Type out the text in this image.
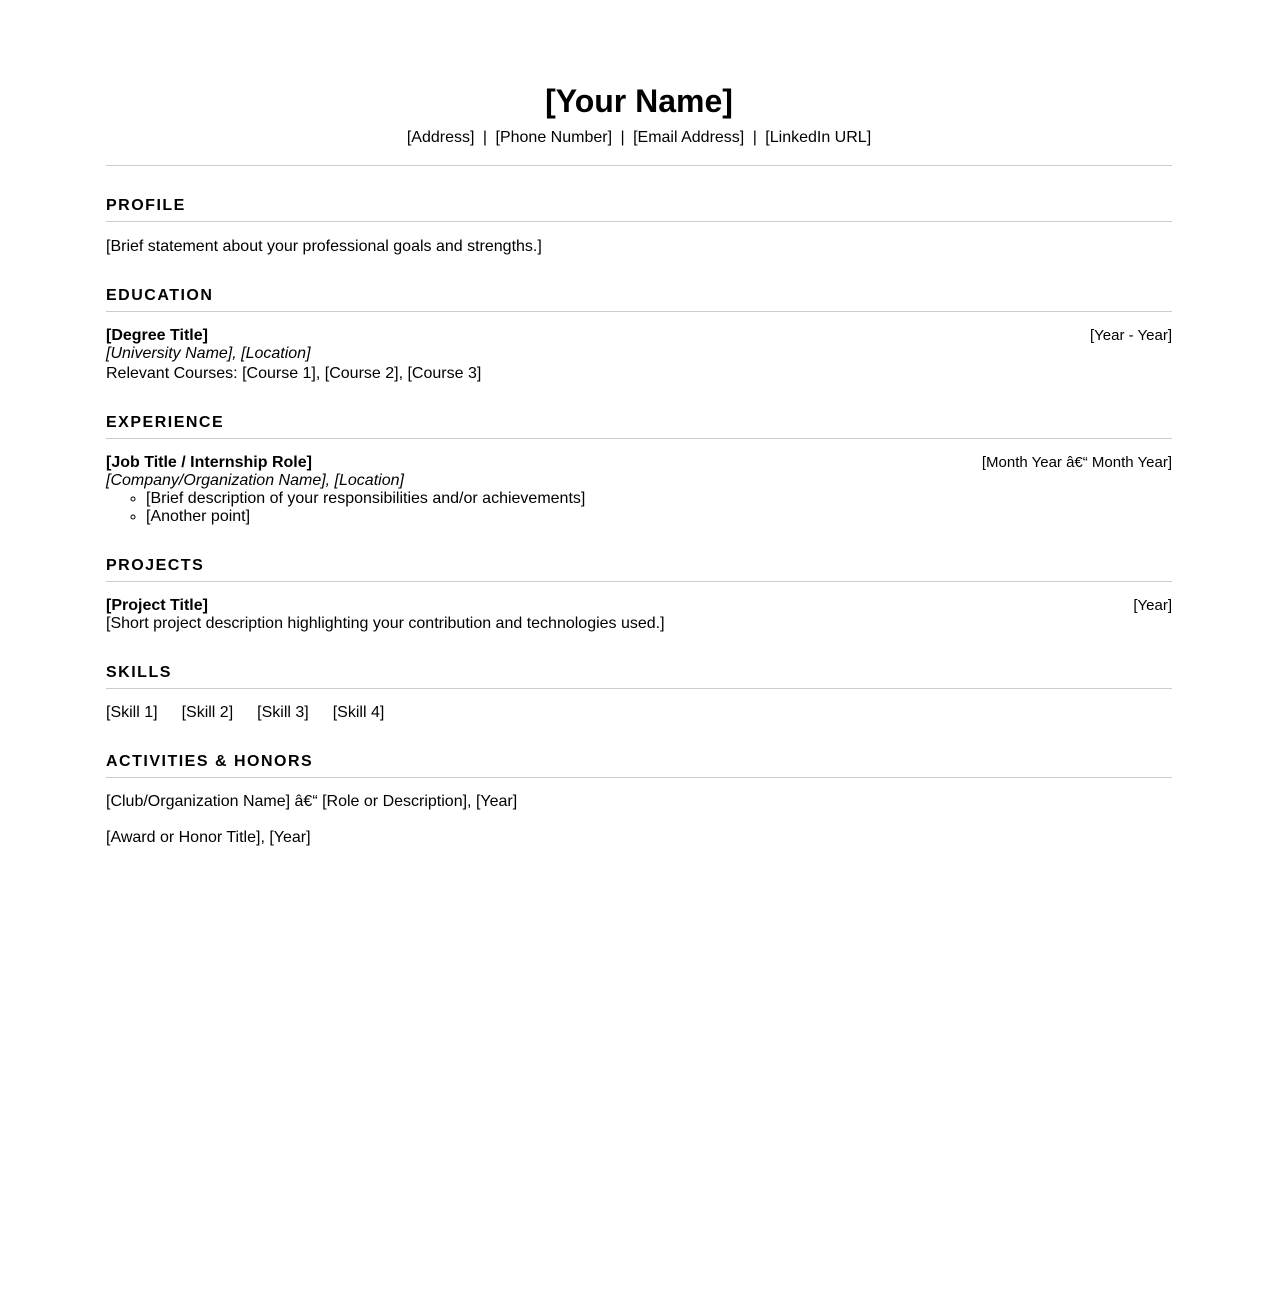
[Your Name]
[Address] | [Phone Number] | [Email Address] | [LinkedIn URL]
PROFILE
[Brief statement about your professional goals and strengths.]
EDUCATION
[Degree Title]	[Year - Year]
[University Name], [Location]
Relevant Courses: [Course 1], [Course 2], [Course 3]
EXPERIENCE
[Job Title / Internship Role]	[Month Year â€“ Month Year]
[Company/Organization Name], [Location]
◦ [Brief description of your responsibilities and/or achievements]
◦ [Another point]
PROJECTS
[Project Title]	[Year]
[Short project description highlighting your contribution and technologies used.]
SKILLS
[Skill 1] [Skill 2] [Skill 3] [Skill 4]
ACTIVITIES & HONORS
[Club/Organization Name] â€“ [Role or Description], [Year]
[Award or Honor Title], [Year]
